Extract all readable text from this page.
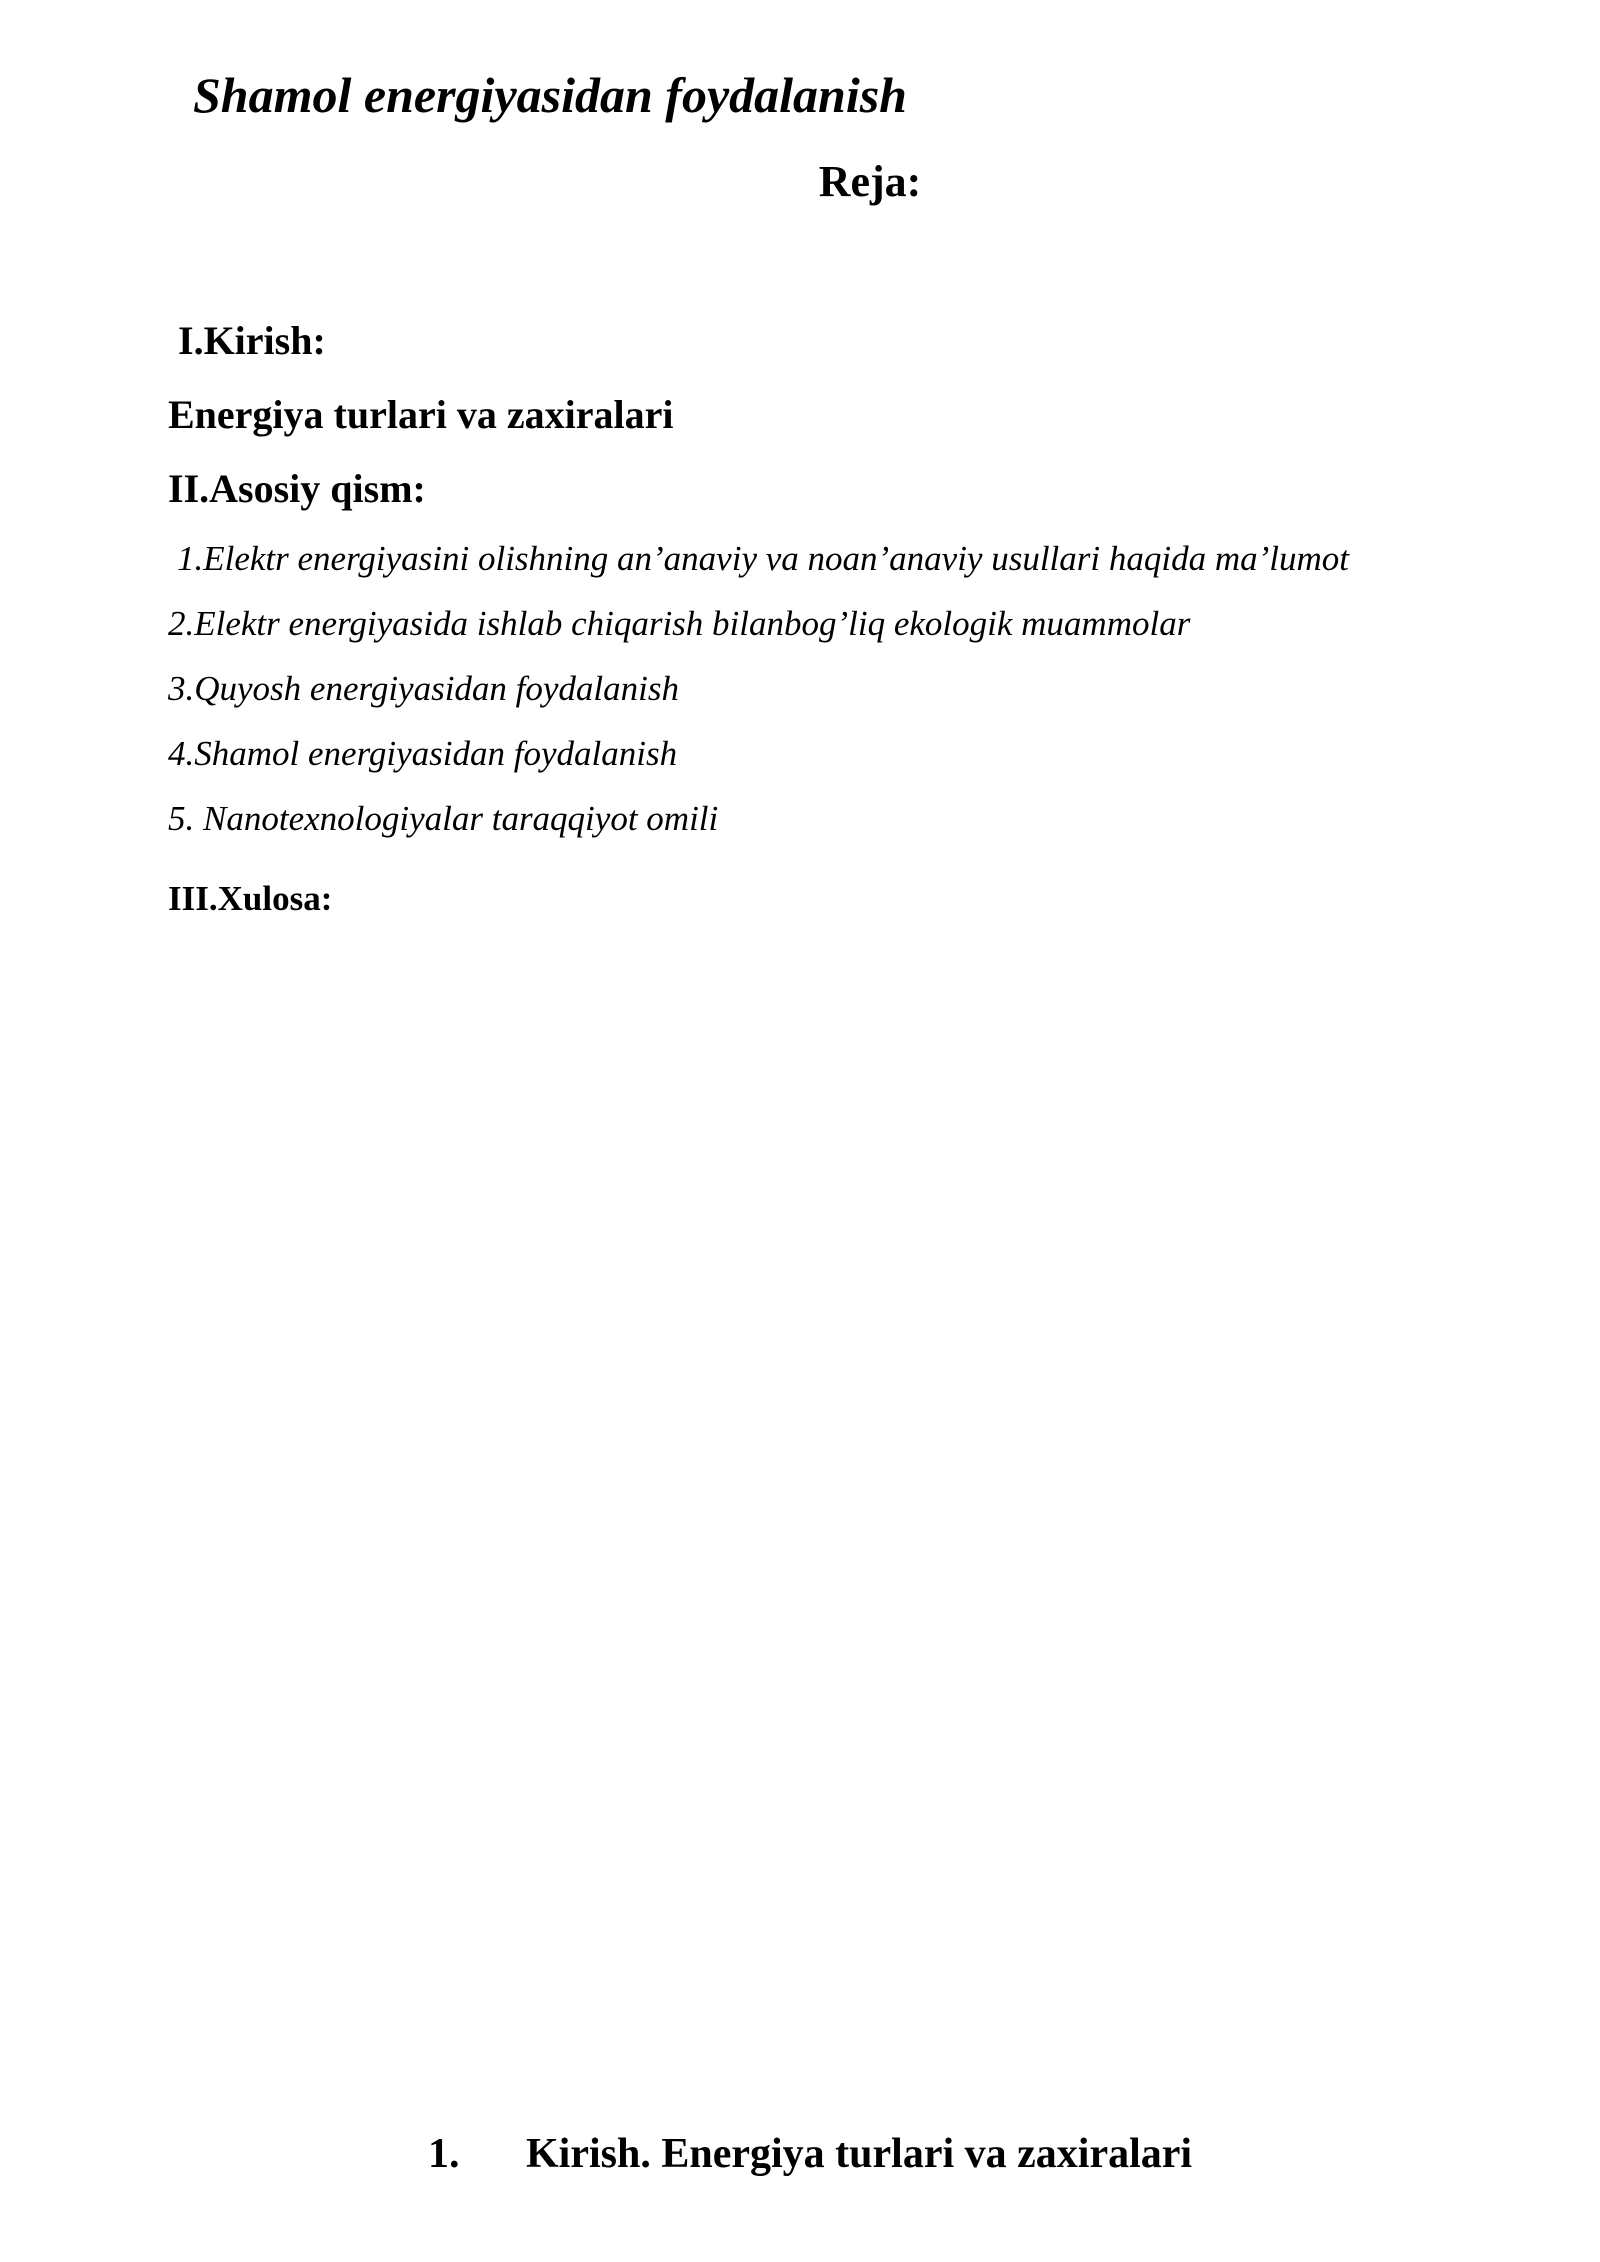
Shamol energiyasidan foydalanish
Reja:
I.Kirish:
Energiya turlari va zaxiralari
II.Asosiy qism:
1.Elektr energiyasini olishning an’anaviy va noan’anaviy usullari haqida ma’lumot
2.Elektr energiyasida ishlab chiqarish bilanbog’liq ekologik muammolar
3.Quyosh energiyasidan foydalanish
4.Shamol energiyasidan foydalanish
5. Nanotexnologiyalar taraqqiyot omili
III.Xulosa:
1. Kirish. Energiya turlari va zaxiralari
